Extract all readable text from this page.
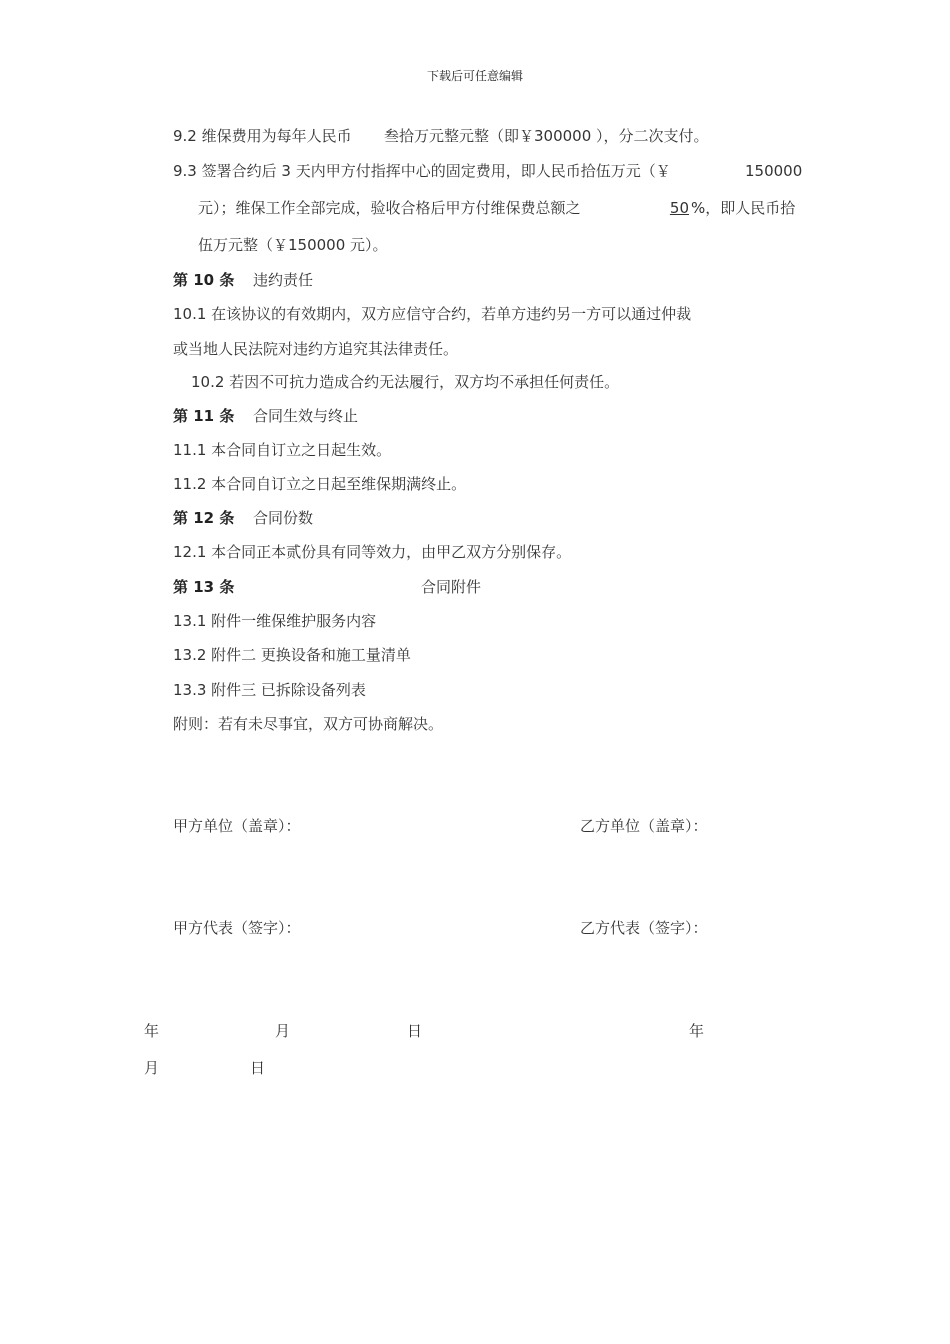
下载后可任意编辑
9.2 维保费用为每年人民币 叁拾万元整元整（即￥300000 ），分二次支付。
9.3 签署合约后 3 天内甲方付指挥中心的固定费用，即人民币拾伍万元（￥	150000
元）；维保工作全部完成，验收合格后甲方付维保费总额之	50 %，即人民币拾
伍万元整（￥150000 元）。
第 10 条 违约责任
10.1 在该协议的有效期内，双方应信守合约，若单方违约另一方可以通过仲裁
或当地人民法院对违约方追究其法律责任。
10.2 若因不可抗力造成合约无法履行，双方均不承担任何责任。
第 11 条 合同生效与终止
11.1 本合同自订立之日起生效。
11.2 本合同自订立之日起至维保期满终止。
第 12 条 合同份数
12.1 本合同正本贰份具有同等效力，由甲乙双方分别保存。
第 13 条	合同附件
13.1 附件一维保维护服务内容
13.2 附件二 更换设备和施工量清单
13.3 附件三 已拆除设备列表
附则：若有未尽事宜，双方可协商解决。
甲方单位（盖章）：	乙方单位（盖章）：
甲方代表（签字）：	乙方代表（签字）：
年	月	日	年
月	日
